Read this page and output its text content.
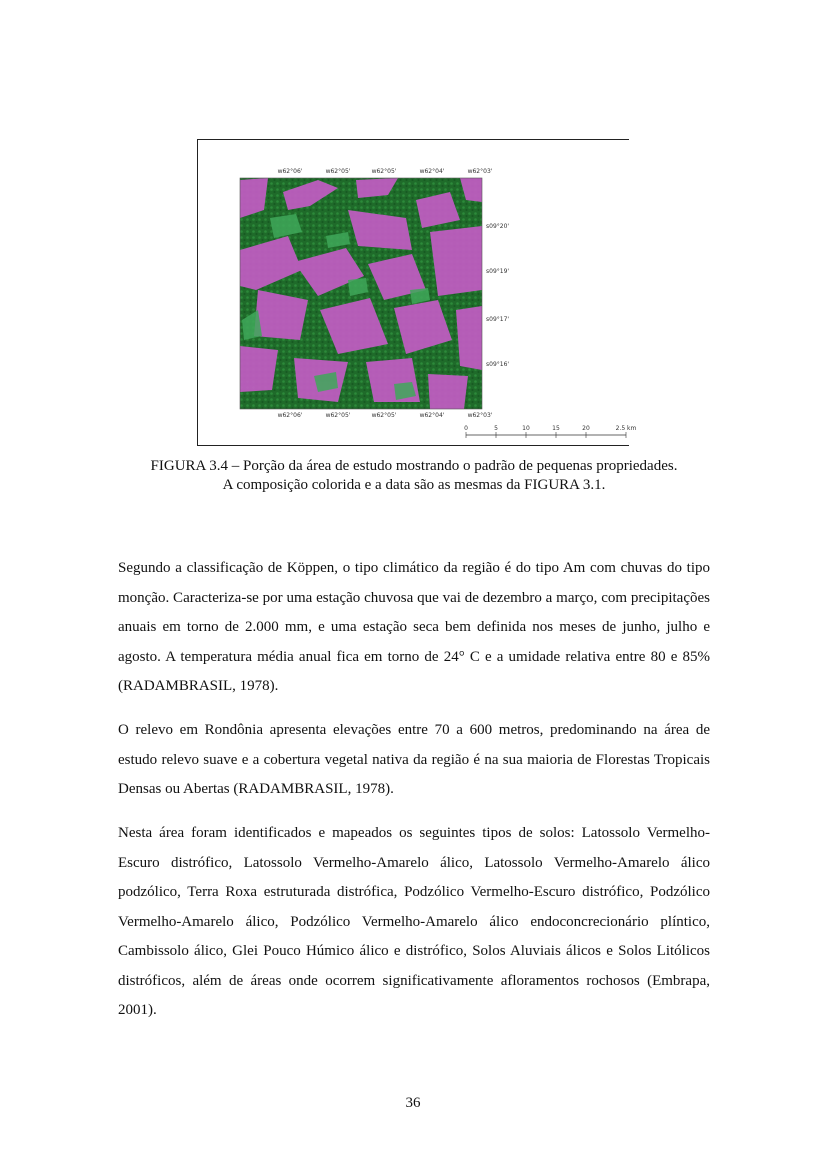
w62°06'	w62°05'	w62°05'	w62°04'	w62°03'
w62°06'	w62°05'	w62°05'	w62°04'	w62°03'
s09°20'
s09°19'
s09°17'
s09°16'
0	5	10	15	20	2.5 km
FIGURA 3.4 – Porção da área de estudo mostrando o padrão de pequenas propriedades.
A composição colorida e a data são as mesmas da FIGURA 3.1.

Segundo a classificação de Köppen, o tipo climático da região é do tipo Am com chuvas do tipo monção. Caracteriza-se por uma estação chuvosa que vai de dezembro a março, com precipitações anuais em torno de 2.000 mm, e uma estação seca bem definida nos meses de junho, julho e agosto. A temperatura média anual fica em torno de 24° C e a umidade relativa entre 80 e 85% (RADAMBRASIL, 1978).

O relevo em Rondônia apresenta elevações entre 70 a 600 metros, predominando na área de estudo relevo suave e a cobertura vegetal nativa da região é na sua maioria de Florestas Tropicais Densas ou Abertas (RADAMBRASIL, 1978).

Nesta área foram identificados e mapeados os seguintes tipos de solos: Latossolo Vermelho-Escuro distrófico, Latossolo Vermelho-Amarelo álico, Latossolo Vermelho-Amarelo álico podzólico, Terra Roxa estruturada distrófica, Podzólico Vermelho-Escuro distrófico, Podzólico Vermelho-Amarelo álico, Podzólico Vermelho-Amarelo álico endoconcrecionário plíntico, Cambissolo álico, Glei Pouco Húmico álico e distrófico, Solos Aluviais álicos e Solos Litólicos distróficos, além de áreas onde ocorrem significativamente afloramentos rochosos (Embrapa, 2001).

36
